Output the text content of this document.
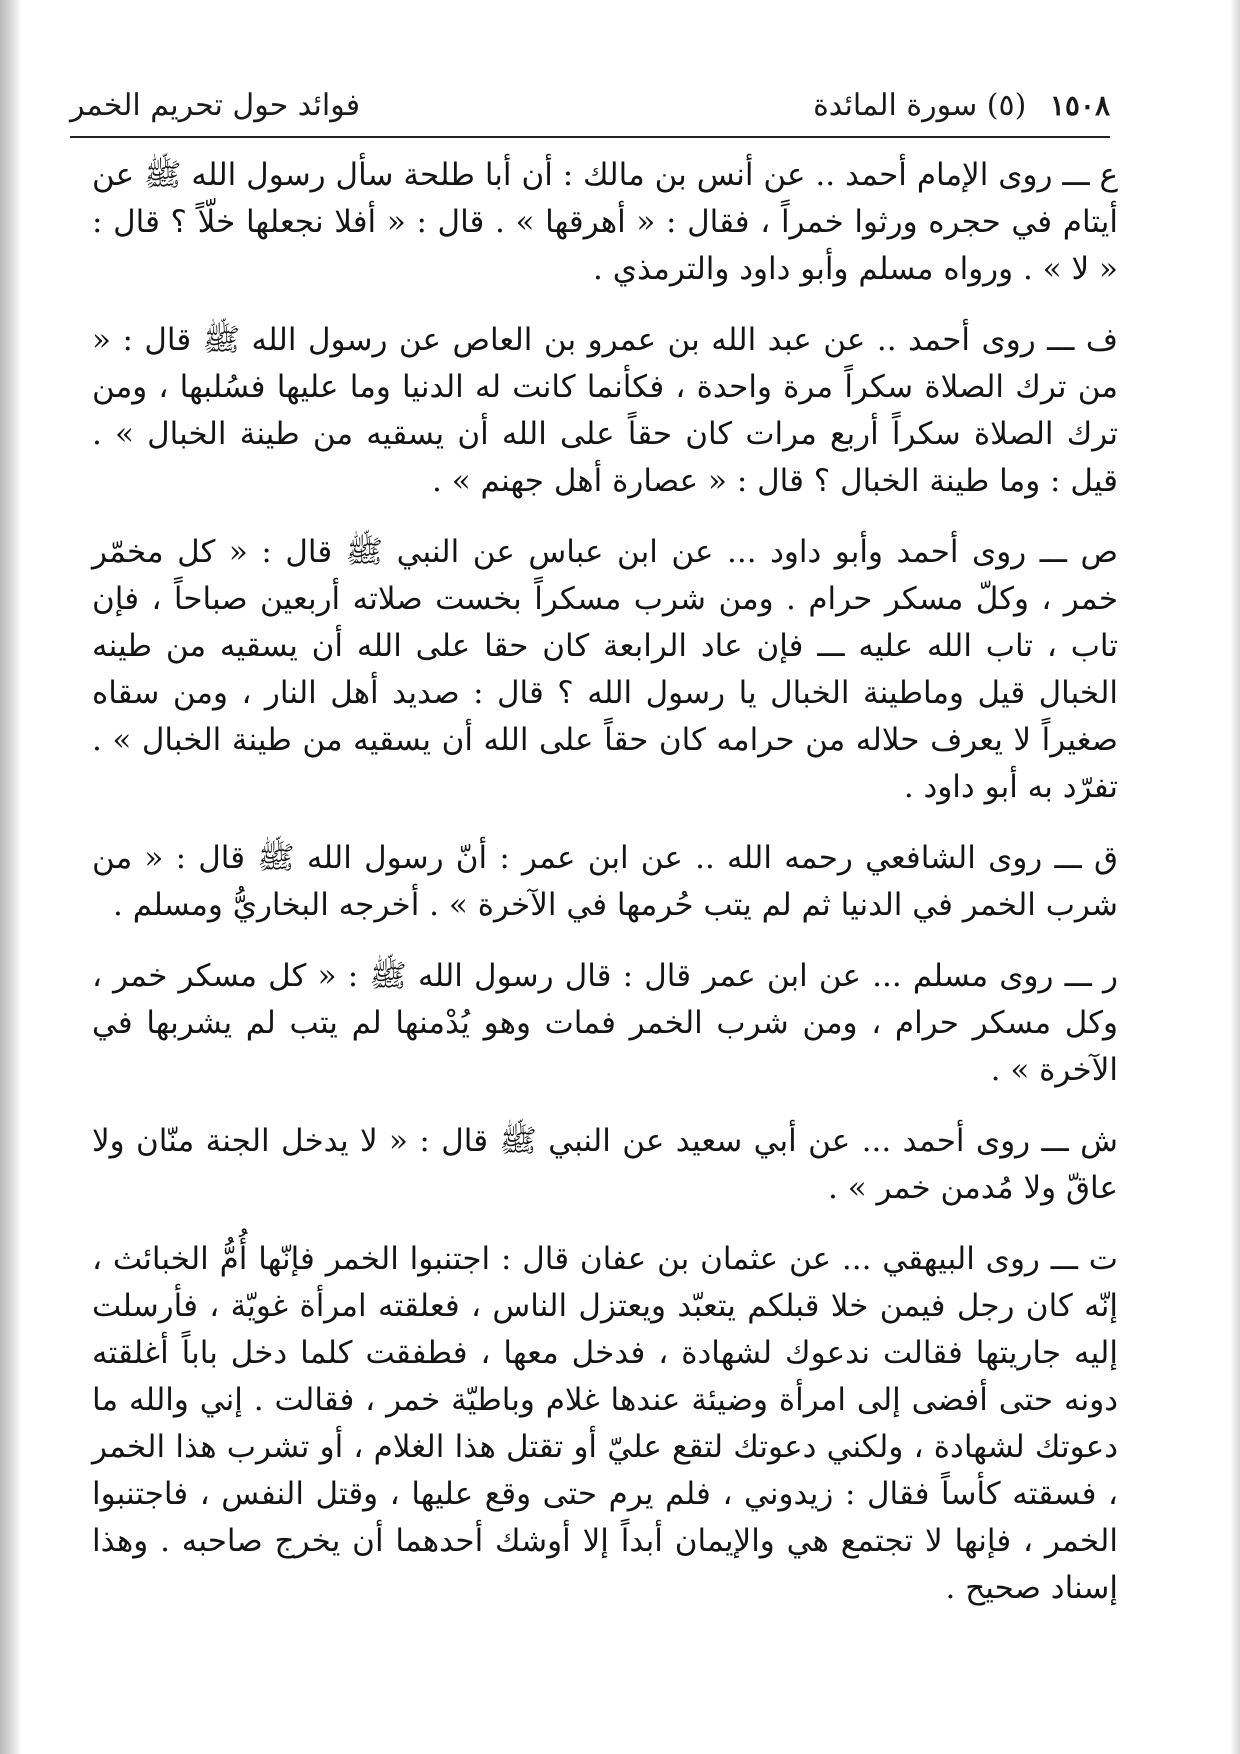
١٥٠٨ (٥) سورة المائدة
فوائد حول تحريم الخمر

ع ـــ روى الإمام أحمد .. عن أنس بن مالك : أن أبا طلحة سأل رسول الله ﷺ عن أيتام في حجره ورثوا خمراً ، فقال : « أهرقها » . قال : « أفلا نجعلها خلّاً ؟ قال : « لا » . ورواه مسلم وأبو داود والترمذي .

ف ـــ روى أحمد .. عن عبد الله بن عمرو بن العاص عن رسول الله ﷺ قال : « من ترك الصلاة سكراً مرة واحدة ، فكأنما كانت له الدنيا وما عليها فسُلبها ، ومن ترك الصلاة سكراً أربع مرات كان حقاً على الله أن يسقيه من طينة الخبال » . قيل : وما طينة الخبال ؟ قال : « عصارة أهل جهنم » .

ص ـــ روى أحمد وأبو داود ... عن ابن عباس عن النبي ﷺ قال : « كل مخمّر خمر ، وكلّ مسكر حرام . ومن شرب مسكراً بخست صلاته أربعين صباحاً ، فإن تاب ، تاب الله عليه ـــ فإن عاد الرابعة كان حقا على الله أن يسقيه من طينه الخبال قيل وماطينة الخبال يا رسول الله ؟ قال : صديد أهل النار ، ومن سقاه صغيراً لا يعرف حلاله من حرامه كان حقاً على الله أن يسقيه من طينة الخبال » . تفرّد به أبو داود .

ق ـــ روى الشافعي رحمه الله .. عن ابن عمر : أنّ رسول الله ﷺ قال : « من شرب الخمر في الدنيا ثم لم يتب حُرمها في الآخرة » . أخرجه البخاريُّ ومسلم .

ر ـــ روى مسلم ... عن ابن عمر قال : قال رسول الله ﷺ : « كل مسكر خمر ، وكل مسكر حرام ، ومن شرب الخمر فمات وهو يُدْمنها لم يتب لم يشربها في الآخرة » .

ش ـــ روى أحمد ... عن أبي سعيد عن النبي ﷺ قال : « لا يدخل الجنة منّان ولا عاقّ ولا مُدمن خمر » .

ت ـــ روى البيهقي ... عن عثمان بن عفان قال : اجتنبوا الخمر فإنّها أُمُّ الخبائث ، إنّه كان رجل فيمن خلا قبلكم يتعبّد ويعتزل الناس ، فعلقته امرأة غويّة ، فأرسلت إليه جاريتها فقالت ندعوك لشهادة ، فدخل معها ، فطفقت كلما دخل باباً أغلقته دونه حتى أفضى إلى امرأة وضيئة عندها غلام وباطيّة خمر ، فقالت . إني والله ما دعوتك لشهادة ، ولكني دعوتك لتقع عليّ أو تقتل هذا الغلام ، أو تشرب هذا الخمر ، فسقته كأساً فقال : زيدوني ، فلم يرم حتى وقع عليها ، وقتل النفس ، فاجتنبوا الخمر ، فإنها لا تجتمع هي والإيمان أبداً إلا أوشك أحدهما أن يخرج صاحبه . وهذا إسناد صحيح .
